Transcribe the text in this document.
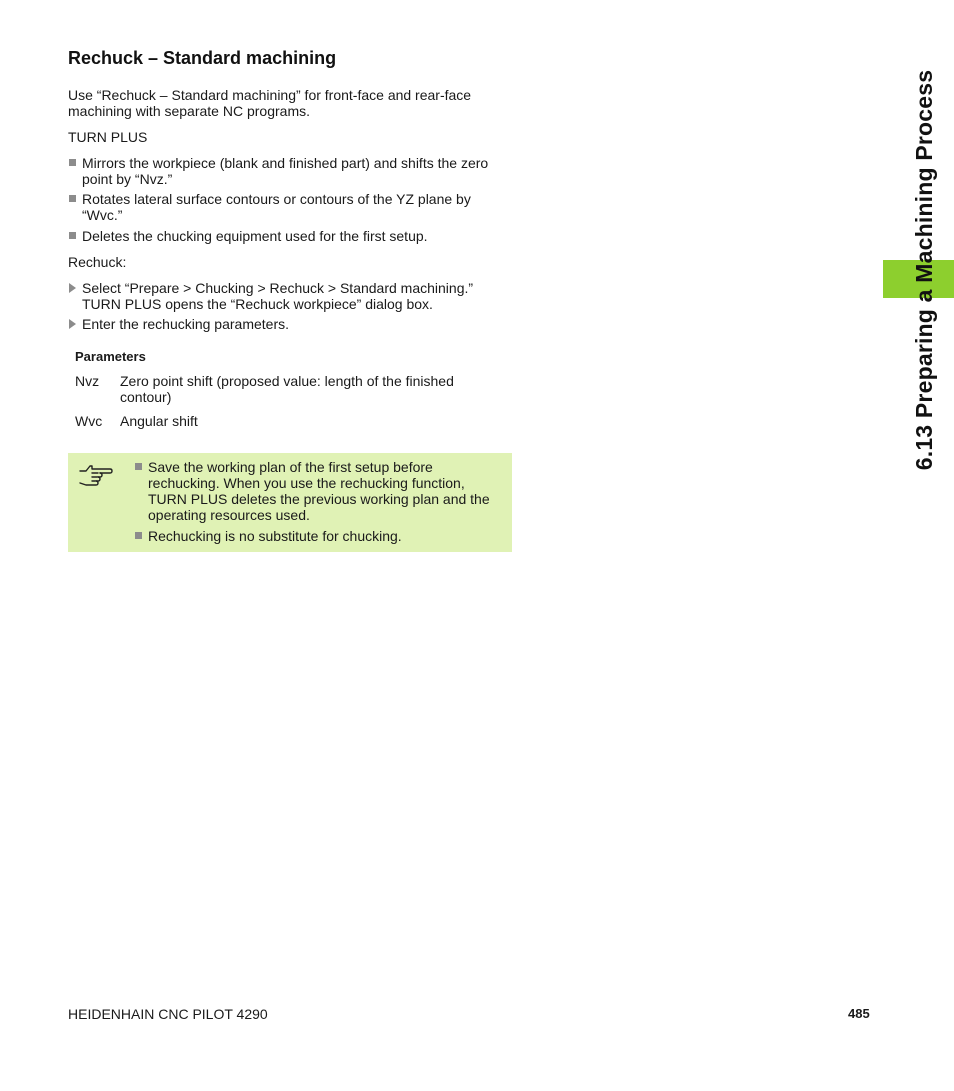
Rechuck – Standard machining
Use “Rechuck – Standard machining” for front-face and rear-face machining with separate NC programs.
TURN PLUS
Mirrors the workpiece (blank and finished part) and shifts the zero point by “Nvz.”
Rotates lateral surface contours or contours of the YZ plane by “Wvc.”
Deletes the chucking equipment used for the first setup.
Rechuck:
Select “Prepare > Chucking > Rechuck > Standard machining.” TURN PLUS opens the “Rechuck workpiece” dialog box.
Enter the rechucking parameters.
Parameters
Nvz Zero point shift (proposed value: length of the finished contour)
Wvc Angular shift
Save the working plan of the first setup before rechucking. When you use the rechucking function, TURN PLUS deletes the previous working plan and the operating resources used.
Rechucking is no substitute for chucking.
6.13 Preparing a Machining Process
HEIDENHAIN CNC PILOT 4290	485
